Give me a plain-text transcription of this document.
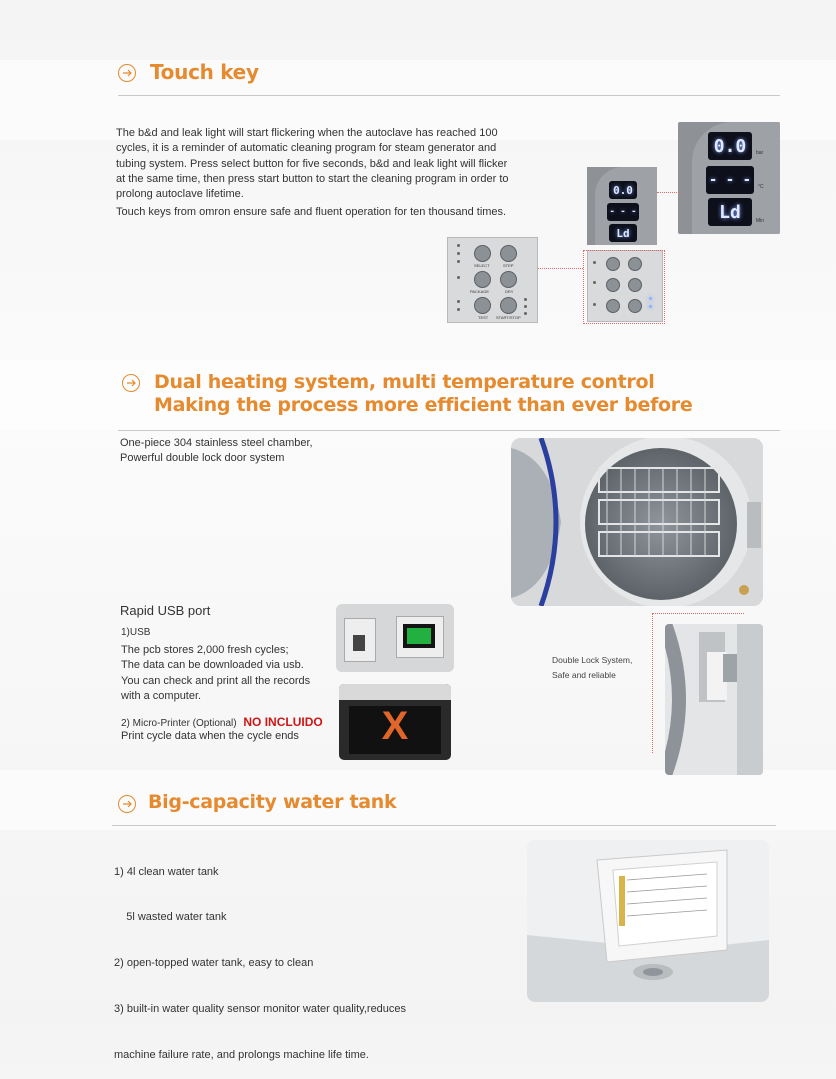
Touch key

The b&d and leak light will start flickering when the autoclave has reached 100

cycles, it is a reminder of automatic cleaning program for steam generator and

tubing system. Press select button for five seconds, b&d and leak light will flicker

at the same time, then press start button to start the cleaning program in order to

prolong autoclave lifetime.

Touch keys from omron ensure safe and fluent operation for ten thousand times.

0.0
- - -
Ld
bar
°C
Min
0.0
- - -
Ld
SELECT	STEP
PACKAGE	DRY
TEST START/STOP
Dual heating system, multi temperature control
Making the process more efficient than ever before

One-piece 304 stainless steel chamber,

Powerful double lock door system

Double Lock System,
Safe and reliable
Rapid USB port
1)USB

The pcb stores 2,000 fresh cycles;

The data can be downloaded via usb.

You can check and print all the records

with a computer.

2) Micro-Printer (Optional) NO INCLUIDO
Print cycle data when the cycle ends	X
Big-capacity water tank

1) 4l clean water tank

5l wasted water tank

2) open-topped water tank, easy to clean

3) built-in water quality sensor monitor water quality,reduces

machine failure rate, and prolongs machine life time.
